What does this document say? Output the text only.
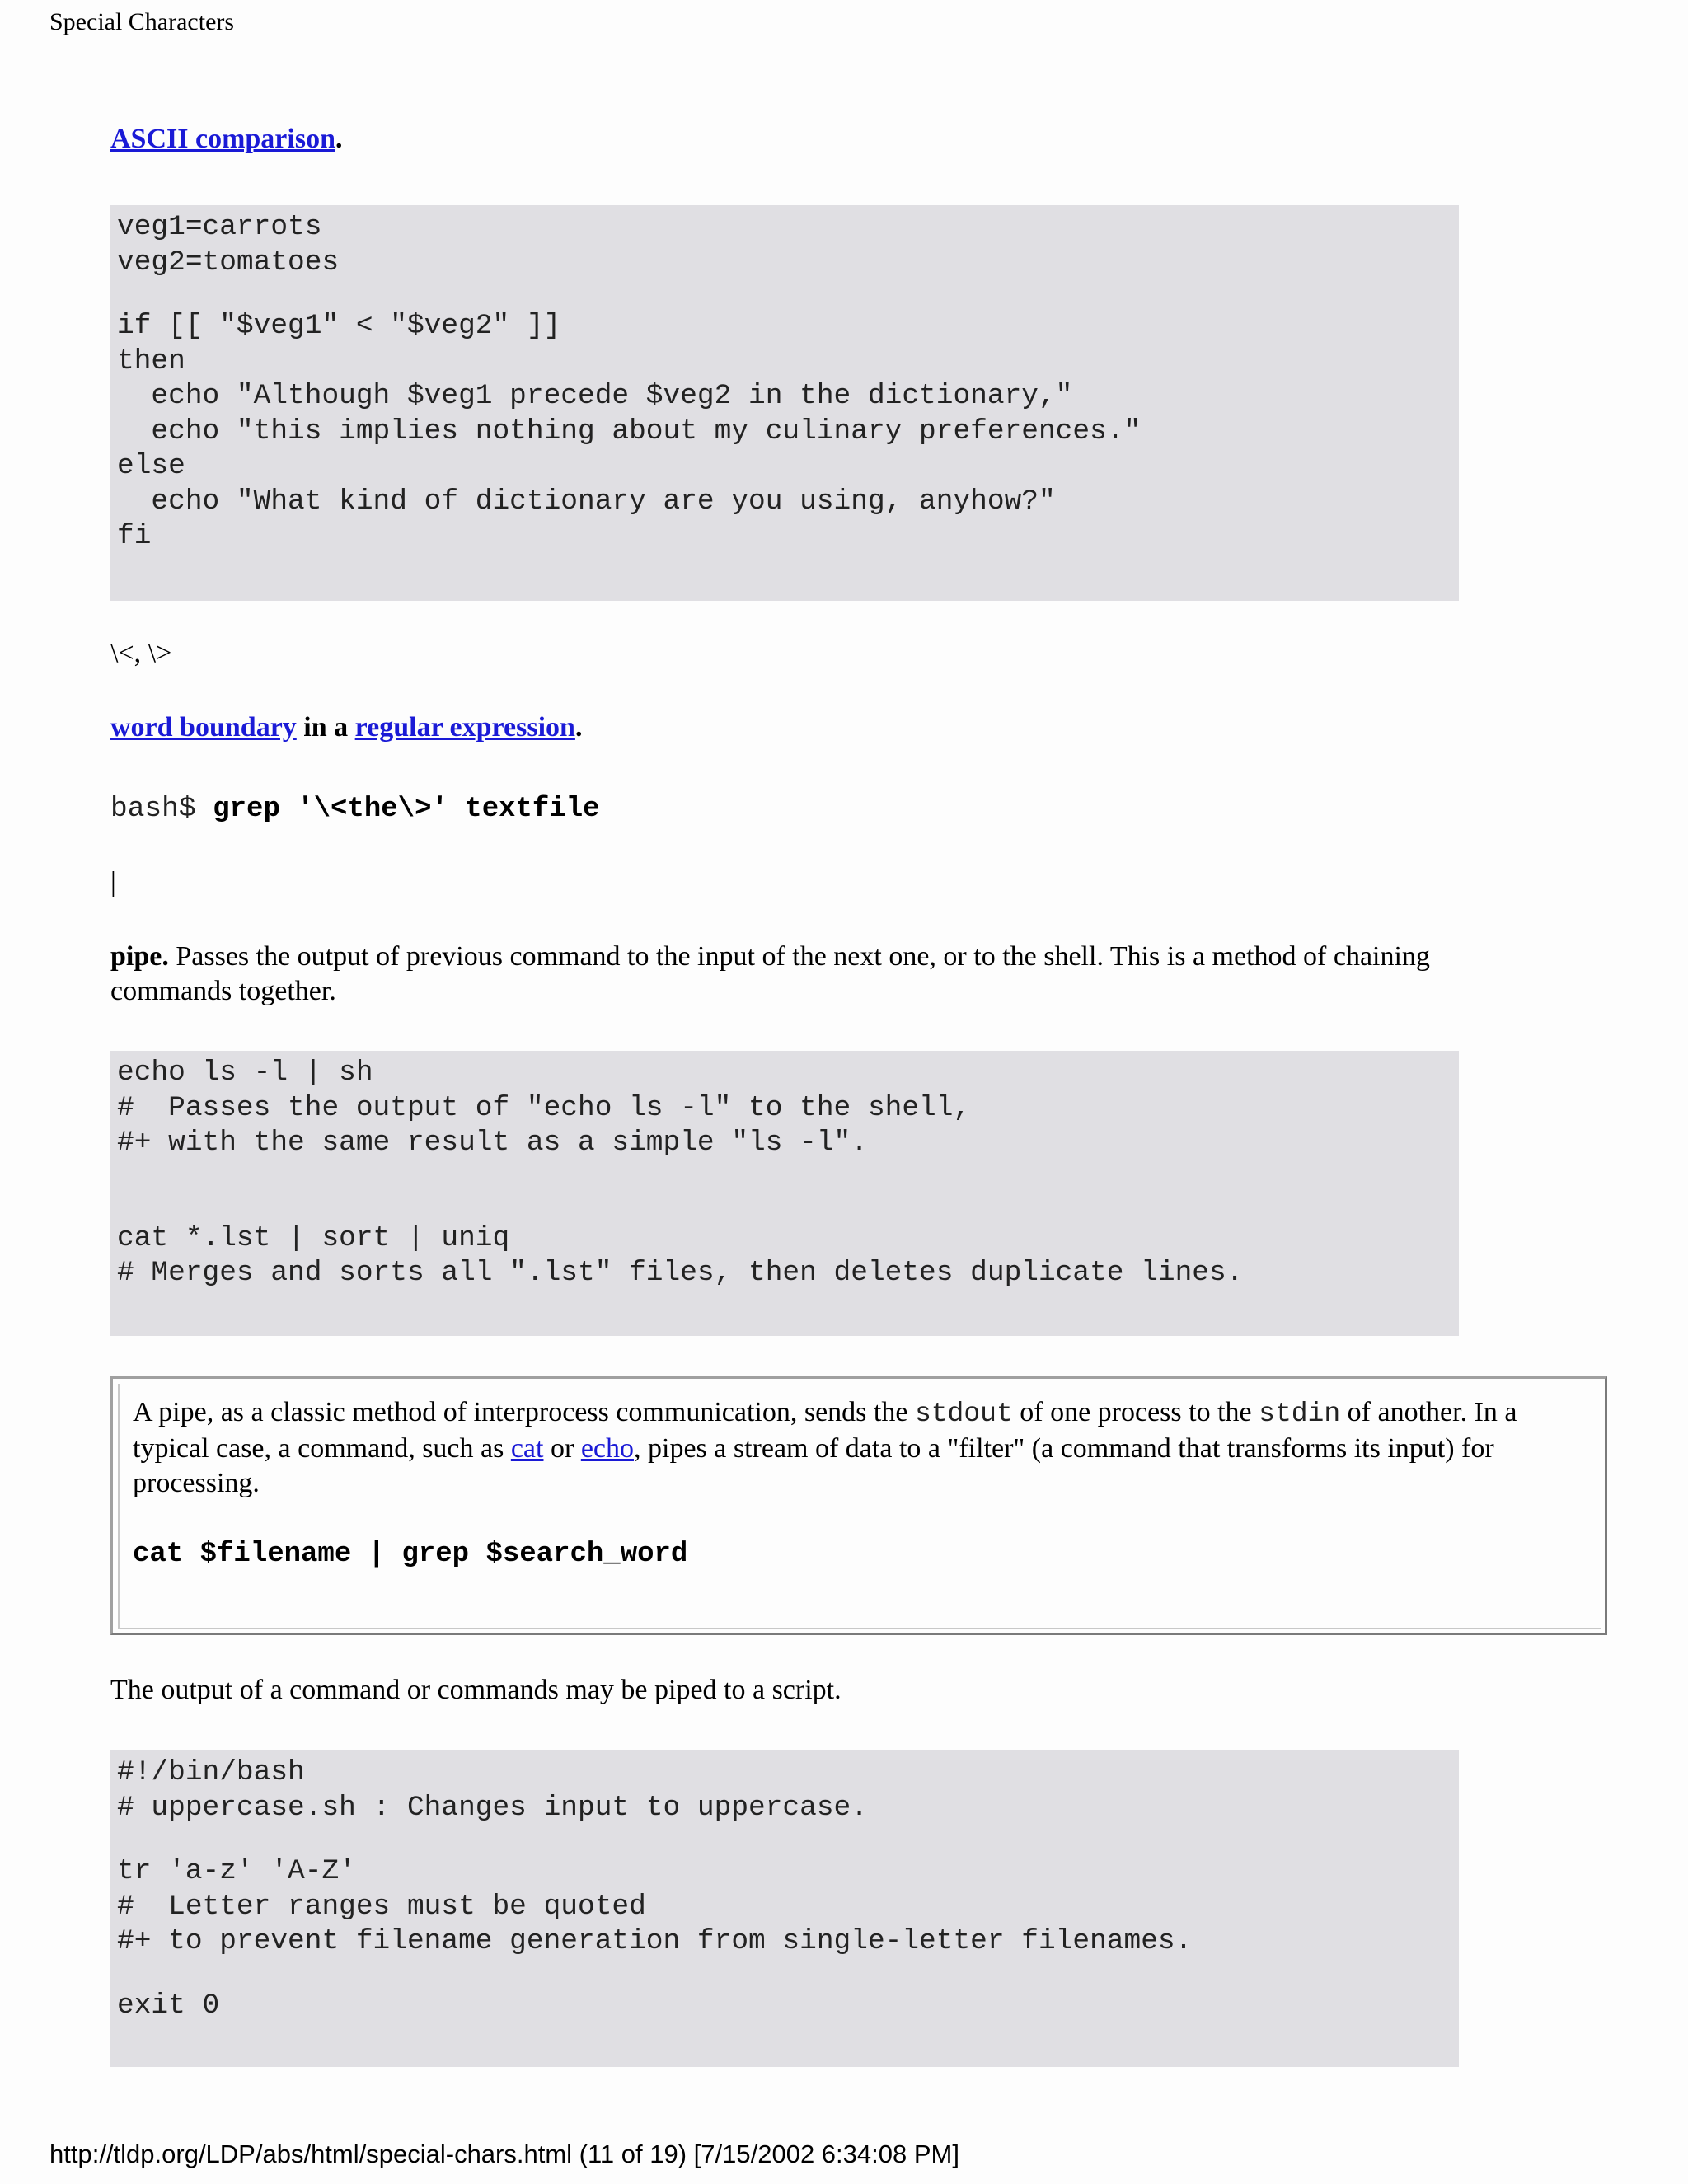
Special Characters
ASCII comparison.
veg1=carrots
veg2=tomatoes
if [[ "$veg1" < "$veg2" ]]
then
echo "Although $veg1 precede $veg2 in the dictionary,"
echo "this implies nothing about my culinary preferences."
else
echo "What kind of dictionary are you using, anyhow?"
fi
\<, \>
word boundary in a regular expression.
bash$ grep '\<the\>' textfile
|
pipe. Passes the output of previous command to the input of the next one, or to the shell. This is a method of chaining commands together.
echo ls -l | sh
#  Passes the output of "echo ls -l" to the shell,
#+ with the same result as a simple "ls -l".
cat *.lst | sort | uniq
# Merges and sorts all ".lst" files, then deletes duplicate lines.
A pipe, as a classic method of interprocess communication, sends the stdout of one process to the stdin of another. In a typical case, a command, such as cat or echo, pipes a stream of data to a "filter" (a command that transforms its input) for processing.
cat $filename | grep $search_word
The output of a command or commands may be piped to a script.
#!/bin/bash
# uppercase.sh : Changes input to uppercase.
tr 'a-z' 'A-Z'
#  Letter ranges must be quoted
#+ to prevent filename generation from single-letter filenames.
exit 0
http://tldp.org/LDP/abs/html/special-chars.html (11 of 19) [7/15/2002 6:34:08 PM]
